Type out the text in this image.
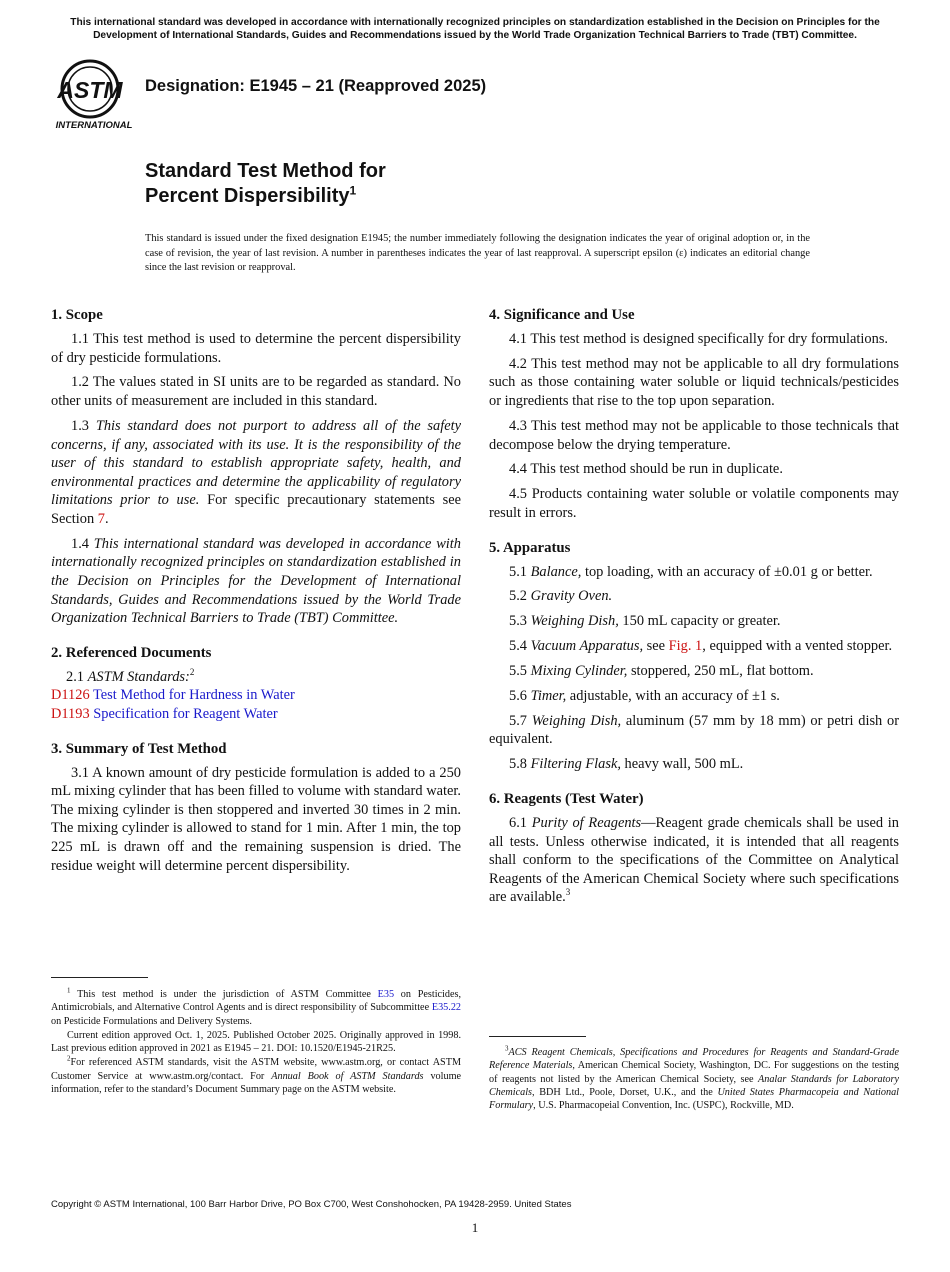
This international standard was developed in accordance with internationally recognized principles on standardization established in the Decision on Principles for the Development of International Standards, Guides and Recommendations issued by the World Trade Organization Technical Barriers to Trade (TBT) Committee.
ASTM
INTERNATIONAL
Designation: E1945 – 21 (Reapproved 2025)
Standard Test Method for
Percent Dispersibility$^1$
This standard is issued under the fixed designation E1945; the number immediately following the designation indicates the year of original adoption or, in the case of revision, the year of last revision. A number in parentheses indicates the year of last reapproval. A superscript epsilon (ε) indicates an editorial change since the last revision or reapproval.
1. Scope

1.1 This test method is used to determine the percent dispersibility of dry pesticide formulations.

1.2 The values stated in SI units are to be regarded as standard. No other units of measurement are included in this standard.

1.3 This standard does not purport to address all of the safety concerns, if any, associated with its use. It is the responsibility of the user of this standard to establish appropriate safety, health, and environmental practices and determine the applicability of regulatory limitations prior to use. For specific precautionary statements see Section 7.

1.4 This international standard was developed in accordance with internationally recognized principles on standardization established in the Decision on Principles for the Development of International Standards, Guides and Recommendations issued by the World Trade Organization Technical Barriers to Trade (TBT) Committee.

2. Referenced Documents
2.1 ASTM Standards:$^2$
D1126 Test Method for Hardness in Water
D1193 Specification for Reagent Water
3. Summary of Test Method

3.1 A known amount of dry pesticide formulation is added to a 250 mL mixing cylinder that has been filled to volume with standard water. The mixing cylinder is then stoppered and inverted 30 times in 2 min. The mixing cylinder is allowed to stand for 1 min. After 1 min, the top 225 mL is drawn off and the remaining suspension is dried. The residue weight will determine percent dispersibility.

4. Significance and Use

4.1 This test method is designed specifically for dry formulations.

4.2 This test method may not be applicable to all dry formulations such as those containing water soluble or liquid technicals/pesticides or ingredients that rise to the top upon separation.

4.3 This test method may not be applicable to those technicals that decompose below the drying temperature.

4.4 This test method should be run in duplicate.

4.5 Products containing water soluble or volatile components may result in errors.

5. Apparatus

5.1 Balance, top loading, with an accuracy of ±0.01 g or better.

5.2 Gravity Oven.

5.3 Weighing Dish, 150 mL capacity or greater.

5.4 Vacuum Apparatus, see Fig. 1, equipped with a vented stopper.

5.5 Mixing Cylinder, stoppered, 250 mL, flat bottom.

5.6 Timer, adjustable, with an accuracy of ±1 s.

5.7 Weighing Dish, aluminum (57 mm by 18 mm) or petri dish or equivalent.

5.8 Filtering Flask, heavy wall, 500 mL.

6. Reagents (Test Water)

6.1 Purity of Reagents—Reagent grade chemicals shall be used in all tests. Unless otherwise indicated, it is intended that all reagents shall conform to the specifications of the Committee on Analytical Reagents of the American Chemical Society where such specifications are available.$^3$

$^1$ This test method is under the jurisdiction of ASTM Committee E35 on Pesticides, Antimicrobials, and Alternative Control Agents and is direct responsibility of Subcommittee E35.22 on Pesticide Formulations and Delivery Systems.

Current edition approved Oct. 1, 2025. Published October 2025. Originally approved in 1998. Last previous edition approved in 2021 as E1945 – 21. DOI: 10.1520/E1945-21R25.

$^2$For referenced ASTM standards, visit the ASTM website, www.astm.org, or contact ASTM Customer Service at www.astm.org/contact. For Annual Book of ASTM Standards volume information, refer to the standard’s Document Summary page on the ASTM website.

$^3$ACS Reagent Chemicals, Specifications and Procedures for Reagents and Standard-Grade Reference Materials, American Chemical Society, Washington, DC. For suggestions on the testing of reagents not listed by the American Chemical Society, see Analar Standards for Laboratory Chemicals, BDH Ltd., Poole, Dorset, U.K., and the United States Pharmacopeia and National Formulary, U.S. Pharmacopeial Convention, Inc. (USPC), Rockville, MD.

Copyright © ASTM International, 100 Barr Harbor Drive, PO Box C700, West Conshohocken, PA 19428-2959. United States
1
